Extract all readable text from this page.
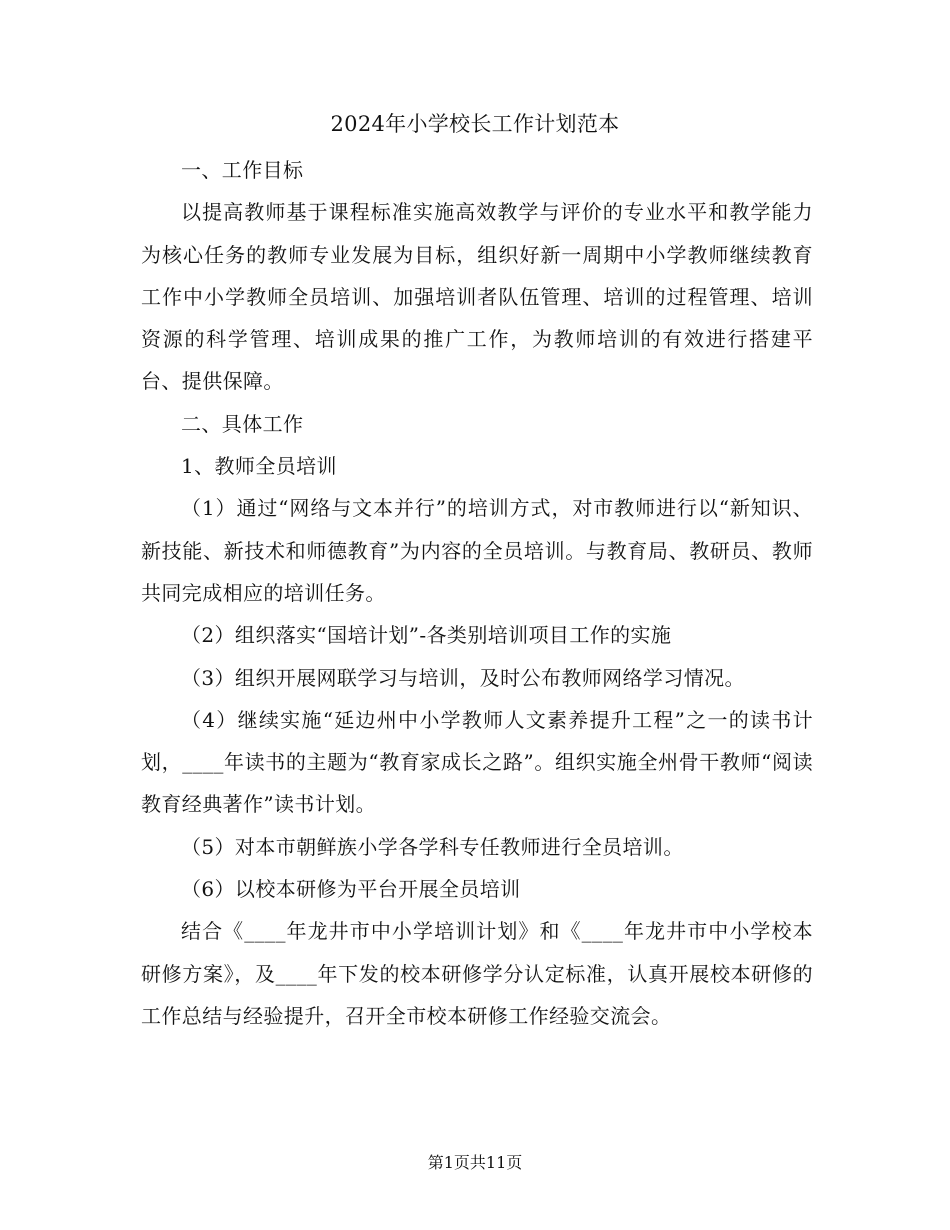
2024年小学校长工作计划范本

一、工作目标

以提高教师基于课程标准实施高效教学与评价的专业水平和教学能力为核心任务的教师专业发展为目标，组织好新一周期中小学教师继续教育工作中小学教师全员培训、加强培训者队伍管理、培训的过程管理、培训资源的科学管理、培训成果的推广工作，为教师培训的有效进行搭建平台、提供保障。

二、具体工作

1、教师全员培训

（1）通过“网络与文本并行”的培训方式，对市教师进行以“新知识、新技能、新技术和师德教育”为内容的全员培训。与教育局、教研员、教师共同完成相应的培训任务。

（2）组织落实“国培计划”-各类别培训项目工作的实施

（3）组织开展网联学习与培训，及时公布教师网络学习情况。

（4）继续实施“延边州中小学教师人文素养提升工程”之一的读书计划，____年读书的主题为“教育家成长之路”。组织实施全州骨干教师“阅读教育经典著作”读书计划。

（5）对本市朝鲜族小学各学科专任教师进行全员培训。

（6）以校本研修为平台开展全员培训

结合《____年龙井市中小学培训计划》和《____年龙井市中小学校本研修方案》，及____年下发的校本研修学分认定标准，认真开展校本研修的工作总结与经验提升，召开全市校本研修工作经验交流会。

第1页共11页
